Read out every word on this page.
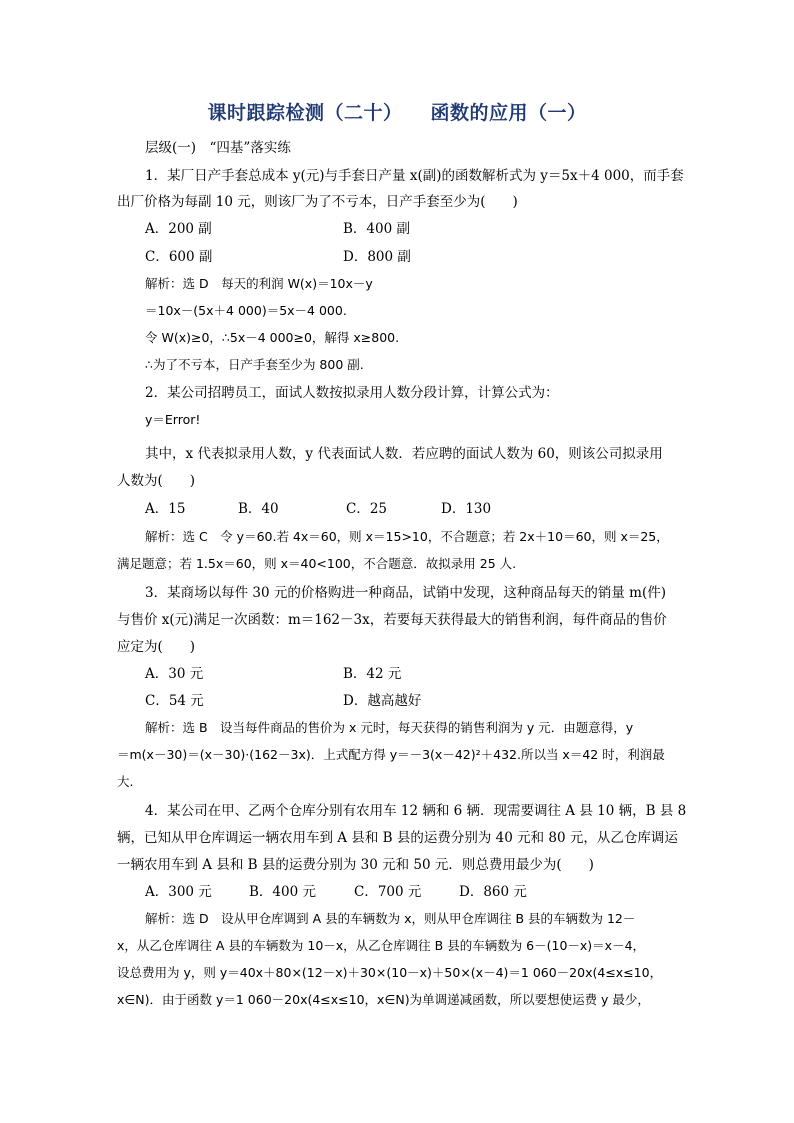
课时跟踪检测（二十） 函数的应用（一）
层级(一)　“四基”落实练
1．某厂日产手套总成本 y(元)与手套日产量 x(副)的函数解析式为 y＝5x＋4 000，而手套
出厂价格为每副 10 元，则该厂为了不亏本，日产手套至少为(　　)
A．200 副	B．400 副
C．600 副	D．800 副
解析：选 D　每天的利润 W(x)＝10x－y
＝10x－(5x＋4 000)＝5x－4 000.
令 W(x)≥0，∴5x－4 000≥0，解得 x≥800.
∴为了不亏本，日产手套至少为 800 副.
2．某公司招聘员工，面试人数按拟录用人数分段计算，计算公式为：
y＝Error!
其中，x 代表拟录用人数，y 代表面试人数．若应聘的面试人数为 60，则该公司拟录用
人数为(　　)
A．15	B．40	C．25	D．130
解析：选 C　令 y＝60.若 4x＝60，则 x＝15>10，不合题意；若 2x＋10＝60，则 x＝25，
满足题意；若 1.5x＝60，则 x＝40<100，不合题意．故拟录用 25 人.
3．某商场以每件 30 元的价格购进一种商品，试销中发现，这种商品每天的销量 m(件)
与售价 x(元)满足一次函数：m＝162－3x，若要每天获得最大的销售利润，每件商品的售价
应定为(　　)
A．30 元	B．42 元
C．54 元	D．越高越好
解析：选 B　设当每件商品的售价为 x 元时，每天获得的销售利润为 y 元．由题意得，y
＝m(x－30)＝(x－30)·(162－3x)．上式配方得 y＝－3(x－42)²＋432.所以当 x＝42 时，利润最
大.
4．某公司在甲、乙两个仓库分别有农用车 12 辆和 6 辆．现需要调往 A 县 10 辆，B 县 8
辆，已知从甲仓库调运一辆农用车到 A 县和 B 县的运费分别为 40 元和 80 元，从乙仓库调运
一辆农用车到 A 县和 B 县的运费分别为 30 元和 50 元．则总费用最少为(　　)
A．300 元	B．400 元	C．700 元	D．860 元
解析：选 D　设从甲仓库调到 A 县的车辆数为 x，则从甲仓库调往 B 县的车辆数为 12－
x，从乙仓库调往 A 县的车辆数为 10－x，从乙仓库调往 B 县的车辆数为 6－(10－x)＝x－4，
设总费用为 y，则 y＝40x＋80×(12－x)＋30×(10－x)＋50×(x－4)＝1 060－20x(4≤x≤10，
x∈N)．由于函数 y＝1 060－20x(4≤x≤10，x∈N)为单调递减函数，所以要想使运费 y 最少，
